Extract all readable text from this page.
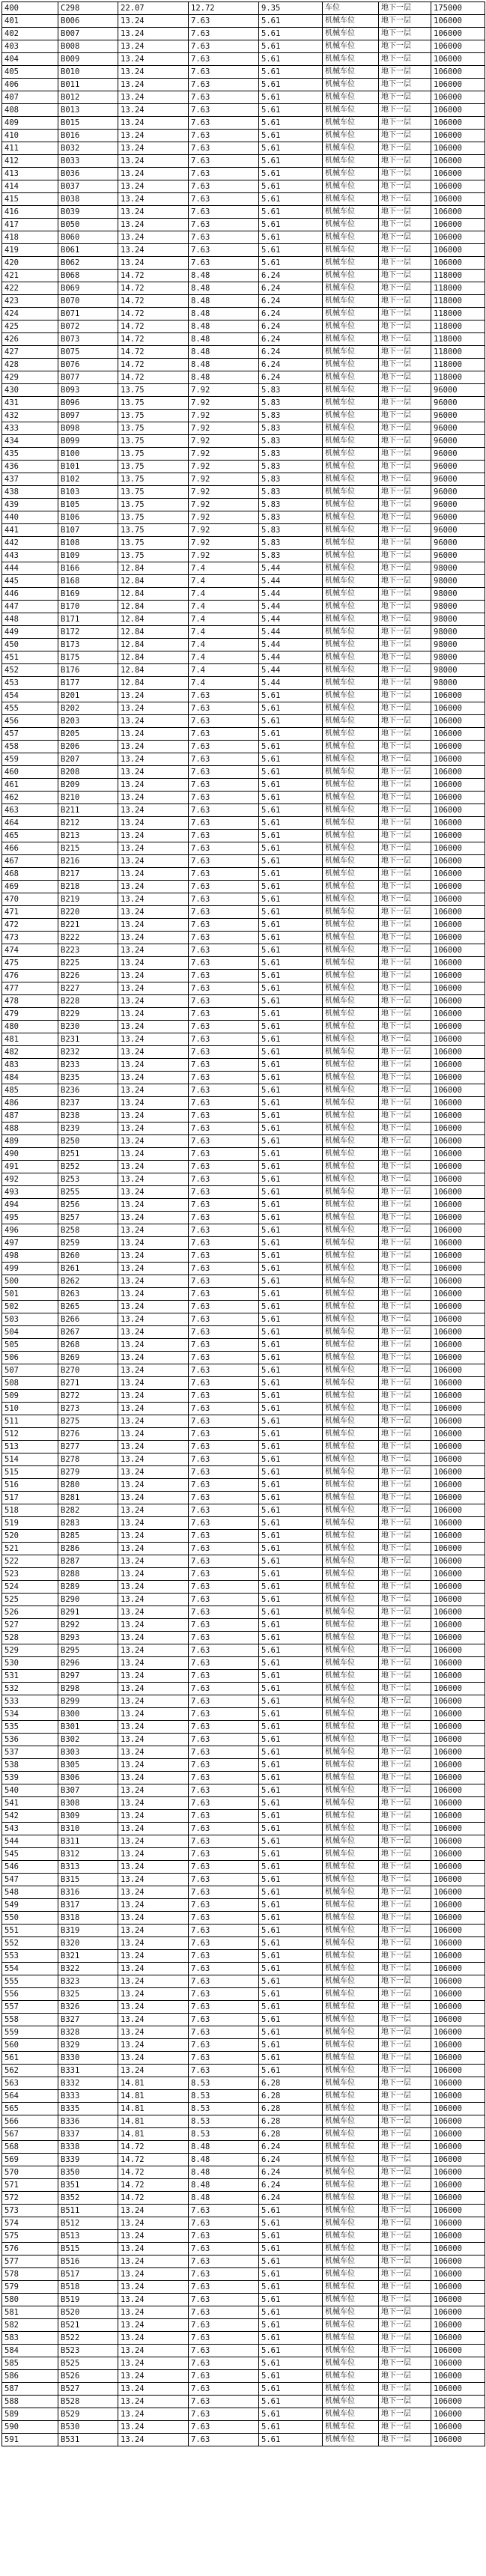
400	C298	22.07	12.72	9.35	车位	地下一层	175000	
401	B006	13.24	7.63	5.61	机械车位	地下一层	106000	
402	B007	13.24	7.63	5.61	机械车位	地下一层	106000	
403	B008	13.24	7.63	5.61	机械车位	地下一层	106000	
404	B009	13.24	7.63	5.61	机械车位	地下一层	106000	
405	B010	13.24	7.63	5.61	机械车位	地下一层	106000	
406	B011	13.24	7.63	5.61	机械车位	地下一层	106000	
407	B012	13.24	7.63	5.61	机械车位	地下一层	106000	
408	B013	13.24	7.63	5.61	机械车位	地下一层	106000	
409	B015	13.24	7.63	5.61	机械车位	地下一层	106000	
410	B016	13.24	7.63	5.61	机械车位	地下一层	106000	
411	B032	13.24	7.63	5.61	机械车位	地下一层	106000	
412	B033	13.24	7.63	5.61	机械车位	地下一层	106000	
413	B036	13.24	7.63	5.61	机械车位	地下一层	106000	
414	B037	13.24	7.63	5.61	机械车位	地下一层	106000	
415	B038	13.24	7.63	5.61	机械车位	地下一层	106000	
416	B039	13.24	7.63	5.61	机械车位	地下一层	106000	
417	B050	13.24	7.63	5.61	机械车位	地下一层	106000	
418	B060	13.24	7.63	5.61	机械车位	地下一层	106000	
419	B061	13.24	7.63	5.61	机械车位	地下一层	106000	
420	B062	13.24	7.63	5.61	机械车位	地下一层	106000	
421	B068	14.72	8.48	6.24	机械车位	地下一层	118000	
422	B069	14.72	8.48	6.24	机械车位	地下一层	118000	
423	B070	14.72	8.48	6.24	机械车位	地下一层	118000	
424	B071	14.72	8.48	6.24	机械车位	地下一层	118000	
425	B072	14.72	8.48	6.24	机械车位	地下一层	118000	
426	B073	14.72	8.48	6.24	机械车位	地下一层	118000	
427	B075	14.72	8.48	6.24	机械车位	地下一层	118000	
428	B076	14.72	8.48	6.24	机械车位	地下一层	118000	
429	B077	14.72	8.48	6.24	机械车位	地下一层	118000	
430	B093	13.75	7.92	5.83	机械车位	地下一层	96000	
431	B096	13.75	7.92	5.83	机械车位	地下一层	96000	
432	B097	13.75	7.92	5.83	机械车位	地下一层	96000	
433	B098	13.75	7.92	5.83	机械车位	地下一层	96000	
434	B099	13.75	7.92	5.83	机械车位	地下一层	96000	
435	B100	13.75	7.92	5.83	机械车位	地下一层	96000	
436	B101	13.75	7.92	5.83	机械车位	地下一层	96000	
437	B102	13.75	7.92	5.83	机械车位	地下一层	96000	
438	B103	13.75	7.92	5.83	机械车位	地下一层	96000	
439	B105	13.75	7.92	5.83	机械车位	地下一层	96000	
440	B106	13.75	7.92	5.83	机械车位	地下一层	96000	
441	B107	13.75	7.92	5.83	机械车位	地下一层	96000	
442	B108	13.75	7.92	5.83	机械车位	地下一层	96000	
443	B109	13.75	7.92	5.83	机械车位	地下一层	96000	
444	B166	12.84	7.4	5.44	机械车位	地下一层	98000	
445	B168	12.84	7.4	5.44	机械车位	地下一层	98000	
446	B169	12.84	7.4	5.44	机械车位	地下一层	98000	
447	B170	12.84	7.4	5.44	机械车位	地下一层	98000	
448	B171	12.84	7.4	5.44	机械车位	地下一层	98000	
449	B172	12.84	7.4	5.44	机械车位	地下一层	98000	
450	B173	12.84	7.4	5.44	机械车位	地下一层	98000	
451	B175	12.84	7.4	5.44	机械车位	地下一层	98000	
452	B176	12.84	7.4	5.44	机械车位	地下一层	98000	
453	B177	12.84	7.4	5.44	机械车位	地下一层	98000	
454	B201	13.24	7.63	5.61	机械车位	地下一层	106000	
455	B202	13.24	7.63	5.61	机械车位	地下一层	106000	
456	B203	13.24	7.63	5.61	机械车位	地下一层	106000	
457	B205	13.24	7.63	5.61	机械车位	地下一层	106000	
458	B206	13.24	7.63	5.61	机械车位	地下一层	106000	
459	B207	13.24	7.63	5.61	机械车位	地下一层	106000	
460	B208	13.24	7.63	5.61	机械车位	地下一层	106000	
461	B209	13.24	7.63	5.61	机械车位	地下一层	106000	
462	B210	13.24	7.63	5.61	机械车位	地下一层	106000	
463	B211	13.24	7.63	5.61	机械车位	地下一层	106000	
464	B212	13.24	7.63	5.61	机械车位	地下一层	106000	
465	B213	13.24	7.63	5.61	机械车位	地下一层	106000	
466	B215	13.24	7.63	5.61	机械车位	地下一层	106000	
467	B216	13.24	7.63	5.61	机械车位	地下一层	106000	
468	B217	13.24	7.63	5.61	机械车位	地下一层	106000	
469	B218	13.24	7.63	5.61	机械车位	地下一层	106000	
470	B219	13.24	7.63	5.61	机械车位	地下一层	106000	
471	B220	13.24	7.63	5.61	机械车位	地下一层	106000	
472	B221	13.24	7.63	5.61	机械车位	地下一层	106000	
473	B222	13.24	7.63	5.61	机械车位	地下一层	106000	
474	B223	13.24	7.63	5.61	机械车位	地下一层	106000	
475	B225	13.24	7.63	5.61	机械车位	地下一层	106000	
476	B226	13.24	7.63	5.61	机械车位	地下一层	106000	
477	B227	13.24	7.63	5.61	机械车位	地下一层	106000	
478	B228	13.24	7.63	5.61	机械车位	地下一层	106000	
479	B229	13.24	7.63	5.61	机械车位	地下一层	106000	
480	B230	13.24	7.63	5.61	机械车位	地下一层	106000	
481	B231	13.24	7.63	5.61	机械车位	地下一层	106000	
482	B232	13.24	7.63	5.61	机械车位	地下一层	106000	
483	B233	13.24	7.63	5.61	机械车位	地下一层	106000	
484	B235	13.24	7.63	5.61	机械车位	地下一层	106000	
485	B236	13.24	7.63	5.61	机械车位	地下一层	106000	
486	B237	13.24	7.63	5.61	机械车位	地下一层	106000	
487	B238	13.24	7.63	5.61	机械车位	地下一层	106000	
488	B239	13.24	7.63	5.61	机械车位	地下一层	106000	
489	B250	13.24	7.63	5.61	机械车位	地下一层	106000	
490	B251	13.24	7.63	5.61	机械车位	地下一层	106000	
491	B252	13.24	7.63	5.61	机械车位	地下一层	106000	
492	B253	13.24	7.63	5.61	机械车位	地下一层	106000	
493	B255	13.24	7.63	5.61	机械车位	地下一层	106000	
494	B256	13.24	7.63	5.61	机械车位	地下一层	106000	
495	B257	13.24	7.63	5.61	机械车位	地下一层	106000	
496	B258	13.24	7.63	5.61	机械车位	地下一层	106000	
497	B259	13.24	7.63	5.61	机械车位	地下一层	106000	
498	B260	13.24	7.63	5.61	机械车位	地下一层	106000	
499	B261	13.24	7.63	5.61	机械车位	地下一层	106000	
500	B262	13.24	7.63	5.61	机械车位	地下一层	106000	
501	B263	13.24	7.63	5.61	机械车位	地下一层	106000	
502	B265	13.24	7.63	5.61	机械车位	地下一层	106000	
503	B266	13.24	7.63	5.61	机械车位	地下一层	106000	
504	B267	13.24	7.63	5.61	机械车位	地下一层	106000	
505	B268	13.24	7.63	5.61	机械车位	地下一层	106000	
506	B269	13.24	7.63	5.61	机械车位	地下一层	106000	
507	B270	13.24	7.63	5.61	机械车位	地下一层	106000	
508	B271	13.24	7.63	5.61	机械车位	地下一层	106000	
509	B272	13.24	7.63	5.61	机械车位	地下一层	106000	
510	B273	13.24	7.63	5.61	机械车位	地下一层	106000	
511	B275	13.24	7.63	5.61	机械车位	地下一层	106000	
512	B276	13.24	7.63	5.61	机械车位	地下一层	106000	
513	B277	13.24	7.63	5.61	机械车位	地下一层	106000	
514	B278	13.24	7.63	5.61	机械车位	地下一层	106000	
515	B279	13.24	7.63	5.61	机械车位	地下一层	106000	
516	B280	13.24	7.63	5.61	机械车位	地下一层	106000	
517	B281	13.24	7.63	5.61	机械车位	地下一层	106000	
518	B282	13.24	7.63	5.61	机械车位	地下一层	106000	
519	B283	13.24	7.63	5.61	机械车位	地下一层	106000	
520	B285	13.24	7.63	5.61	机械车位	地下一层	106000	
521	B286	13.24	7.63	5.61	机械车位	地下一层	106000	
522	B287	13.24	7.63	5.61	机械车位	地下一层	106000	
523	B288	13.24	7.63	5.61	机械车位	地下一层	106000	
524	B289	13.24	7.63	5.61	机械车位	地下一层	106000	
525	B290	13.24	7.63	5.61	机械车位	地下一层	106000	
526	B291	13.24	7.63	5.61	机械车位	地下一层	106000	
527	B292	13.24	7.63	5.61	机械车位	地下一层	106000	
528	B293	13.24	7.63	5.61	机械车位	地下一层	106000	
529	B295	13.24	7.63	5.61	机械车位	地下一层	106000	
530	B296	13.24	7.63	5.61	机械车位	地下一层	106000	
531	B297	13.24	7.63	5.61	机械车位	地下一层	106000	
532	B298	13.24	7.63	5.61	机械车位	地下一层	106000	
533	B299	13.24	7.63	5.61	机械车位	地下一层	106000	
534	B300	13.24	7.63	5.61	机械车位	地下一层	106000	
535	B301	13.24	7.63	5.61	机械车位	地下一层	106000	
536	B302	13.24	7.63	5.61	机械车位	地下一层	106000	
537	B303	13.24	7.63	5.61	机械车位	地下一层	106000	
538	B305	13.24	7.63	5.61	机械车位	地下一层	106000	
539	B306	13.24	7.63	5.61	机械车位	地下一层	106000	
540	B307	13.24	7.63	5.61	机械车位	地下一层	106000	
541	B308	13.24	7.63	5.61	机械车位	地下一层	106000	
542	B309	13.24	7.63	5.61	机械车位	地下一层	106000	
543	B310	13.24	7.63	5.61	机械车位	地下一层	106000	
544	B311	13.24	7.63	5.61	机械车位	地下一层	106000	
545	B312	13.24	7.63	5.61	机械车位	地下一层	106000	
546	B313	13.24	7.63	5.61	机械车位	地下一层	106000	
547	B315	13.24	7.63	5.61	机械车位	地下一层	106000	
548	B316	13.24	7.63	5.61	机械车位	地下一层	106000	
549	B317	13.24	7.63	5.61	机械车位	地下一层	106000	
550	B318	13.24	7.63	5.61	机械车位	地下一层	106000	
551	B319	13.24	7.63	5.61	机械车位	地下一层	106000	
552	B320	13.24	7.63	5.61	机械车位	地下一层	106000	
553	B321	13.24	7.63	5.61	机械车位	地下一层	106000	
554	B322	13.24	7.63	5.61	机械车位	地下一层	106000	
555	B323	13.24	7.63	5.61	机械车位	地下一层	106000	
556	B325	13.24	7.63	5.61	机械车位	地下一层	106000	
557	B326	13.24	7.63	5.61	机械车位	地下一层	106000	
558	B327	13.24	7.63	5.61	机械车位	地下一层	106000	
559	B328	13.24	7.63	5.61	机械车位	地下一层	106000	
560	B329	13.24	7.63	5.61	机械车位	地下一层	106000	
561	B330	13.24	7.63	5.61	机械车位	地下一层	106000	
562	B331	13.24	7.63	5.61	机械车位	地下一层	106000	
563	B332	14.81	8.53	6.28	机械车位	地下一层	106000	
564	B333	14.81	8.53	6.28	机械车位	地下一层	106000	
565	B335	14.81	8.53	6.28	机械车位	地下一层	106000	
566	B336	14.81	8.53	6.28	机械车位	地下一层	106000	
567	B337	14.81	8.53	6.28	机械车位	地下一层	106000	
568	B338	14.72	8.48	6.24	机械车位	地下一层	106000	
569	B339	14.72	8.48	6.24	机械车位	地下一层	106000	
570	B350	14.72	8.48	6.24	机械车位	地下一层	106000	
571	B351	14.72	8.48	6.24	机械车位	地下一层	106000	
572	B352	14.72	8.48	6.24	机械车位	地下一层	106000	
573	B511	13.24	7.63	5.61	机械车位	地下一层	106000	
574	B512	13.24	7.63	5.61	机械车位	地下一层	106000	
575	B513	13.24	7.63	5.61	机械车位	地下一层	106000	
576	B515	13.24	7.63	5.61	机械车位	地下一层	106000	
577	B516	13.24	7.63	5.61	机械车位	地下一层	106000	
578	B517	13.24	7.63	5.61	机械车位	地下一层	106000	
579	B518	13.24	7.63	5.61	机械车位	地下一层	106000	
580	B519	13.24	7.63	5.61	机械车位	地下一层	106000	
581	B520	13.24	7.63	5.61	机械车位	地下一层	106000	
582	B521	13.24	7.63	5.61	机械车位	地下一层	106000	
583	B522	13.24	7.63	5.61	机械车位	地下一层	106000	
584	B523	13.24	7.63	5.61	机械车位	地下一层	106000	
585	B525	13.24	7.63	5.61	机械车位	地下一层	106000	
586	B526	13.24	7.63	5.61	机械车位	地下一层	106000	
587	B527	13.24	7.63	5.61	机械车位	地下一层	106000	
588	B528	13.24	7.63	5.61	机械车位	地下一层	106000	
589	B529	13.24	7.63	5.61	机械车位	地下一层	106000	
590	B530	13.24	7.63	5.61	机械车位	地下一层	106000	
591	B531	13.24	7.63	5.61	机械车位	地下一层	106000	
